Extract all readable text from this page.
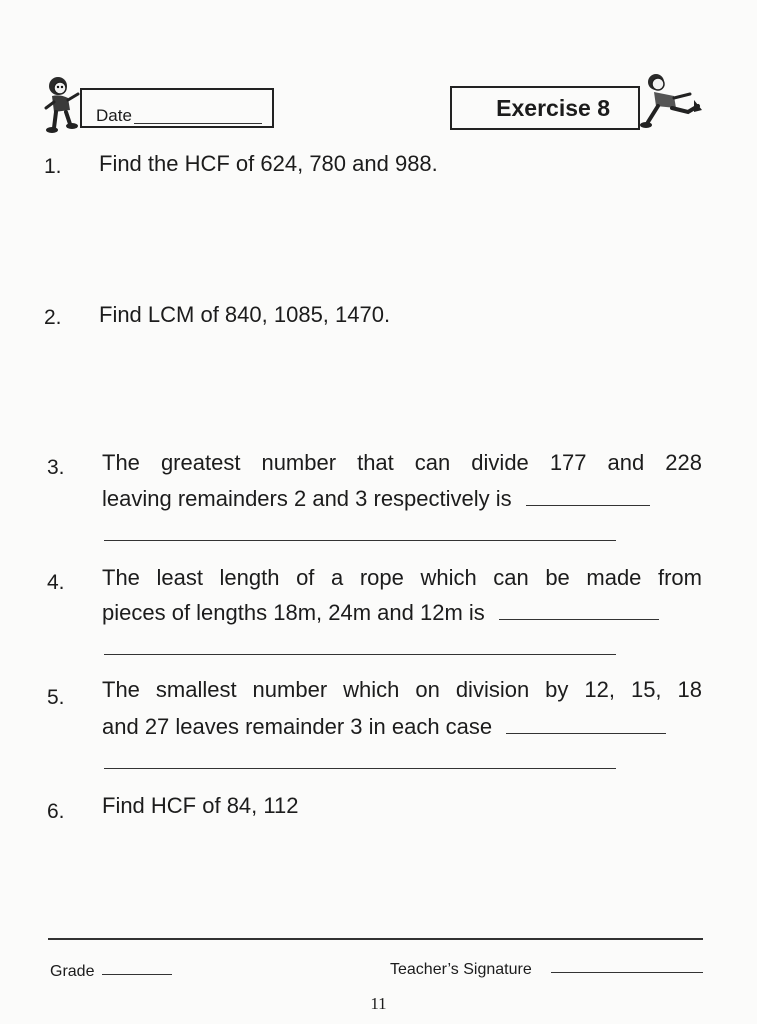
Date	Exercise 8
1. Find the HCF of 624, 780 and 988.
2. Find LCM of 840, 1085, 1470.
3. The greatest number that can divide 177 and 228
leaving remainders 2 and 3 respectively is
4. The least length of a rope which can be made from
pieces of lengths 18m, 24m and 12m is
5. The smallest number which on division by 12, 15, 18
and 27 leaves remainder 3 in each case
6. Find HCF of 84, 112
Grade	Teacher’s Signature
11
